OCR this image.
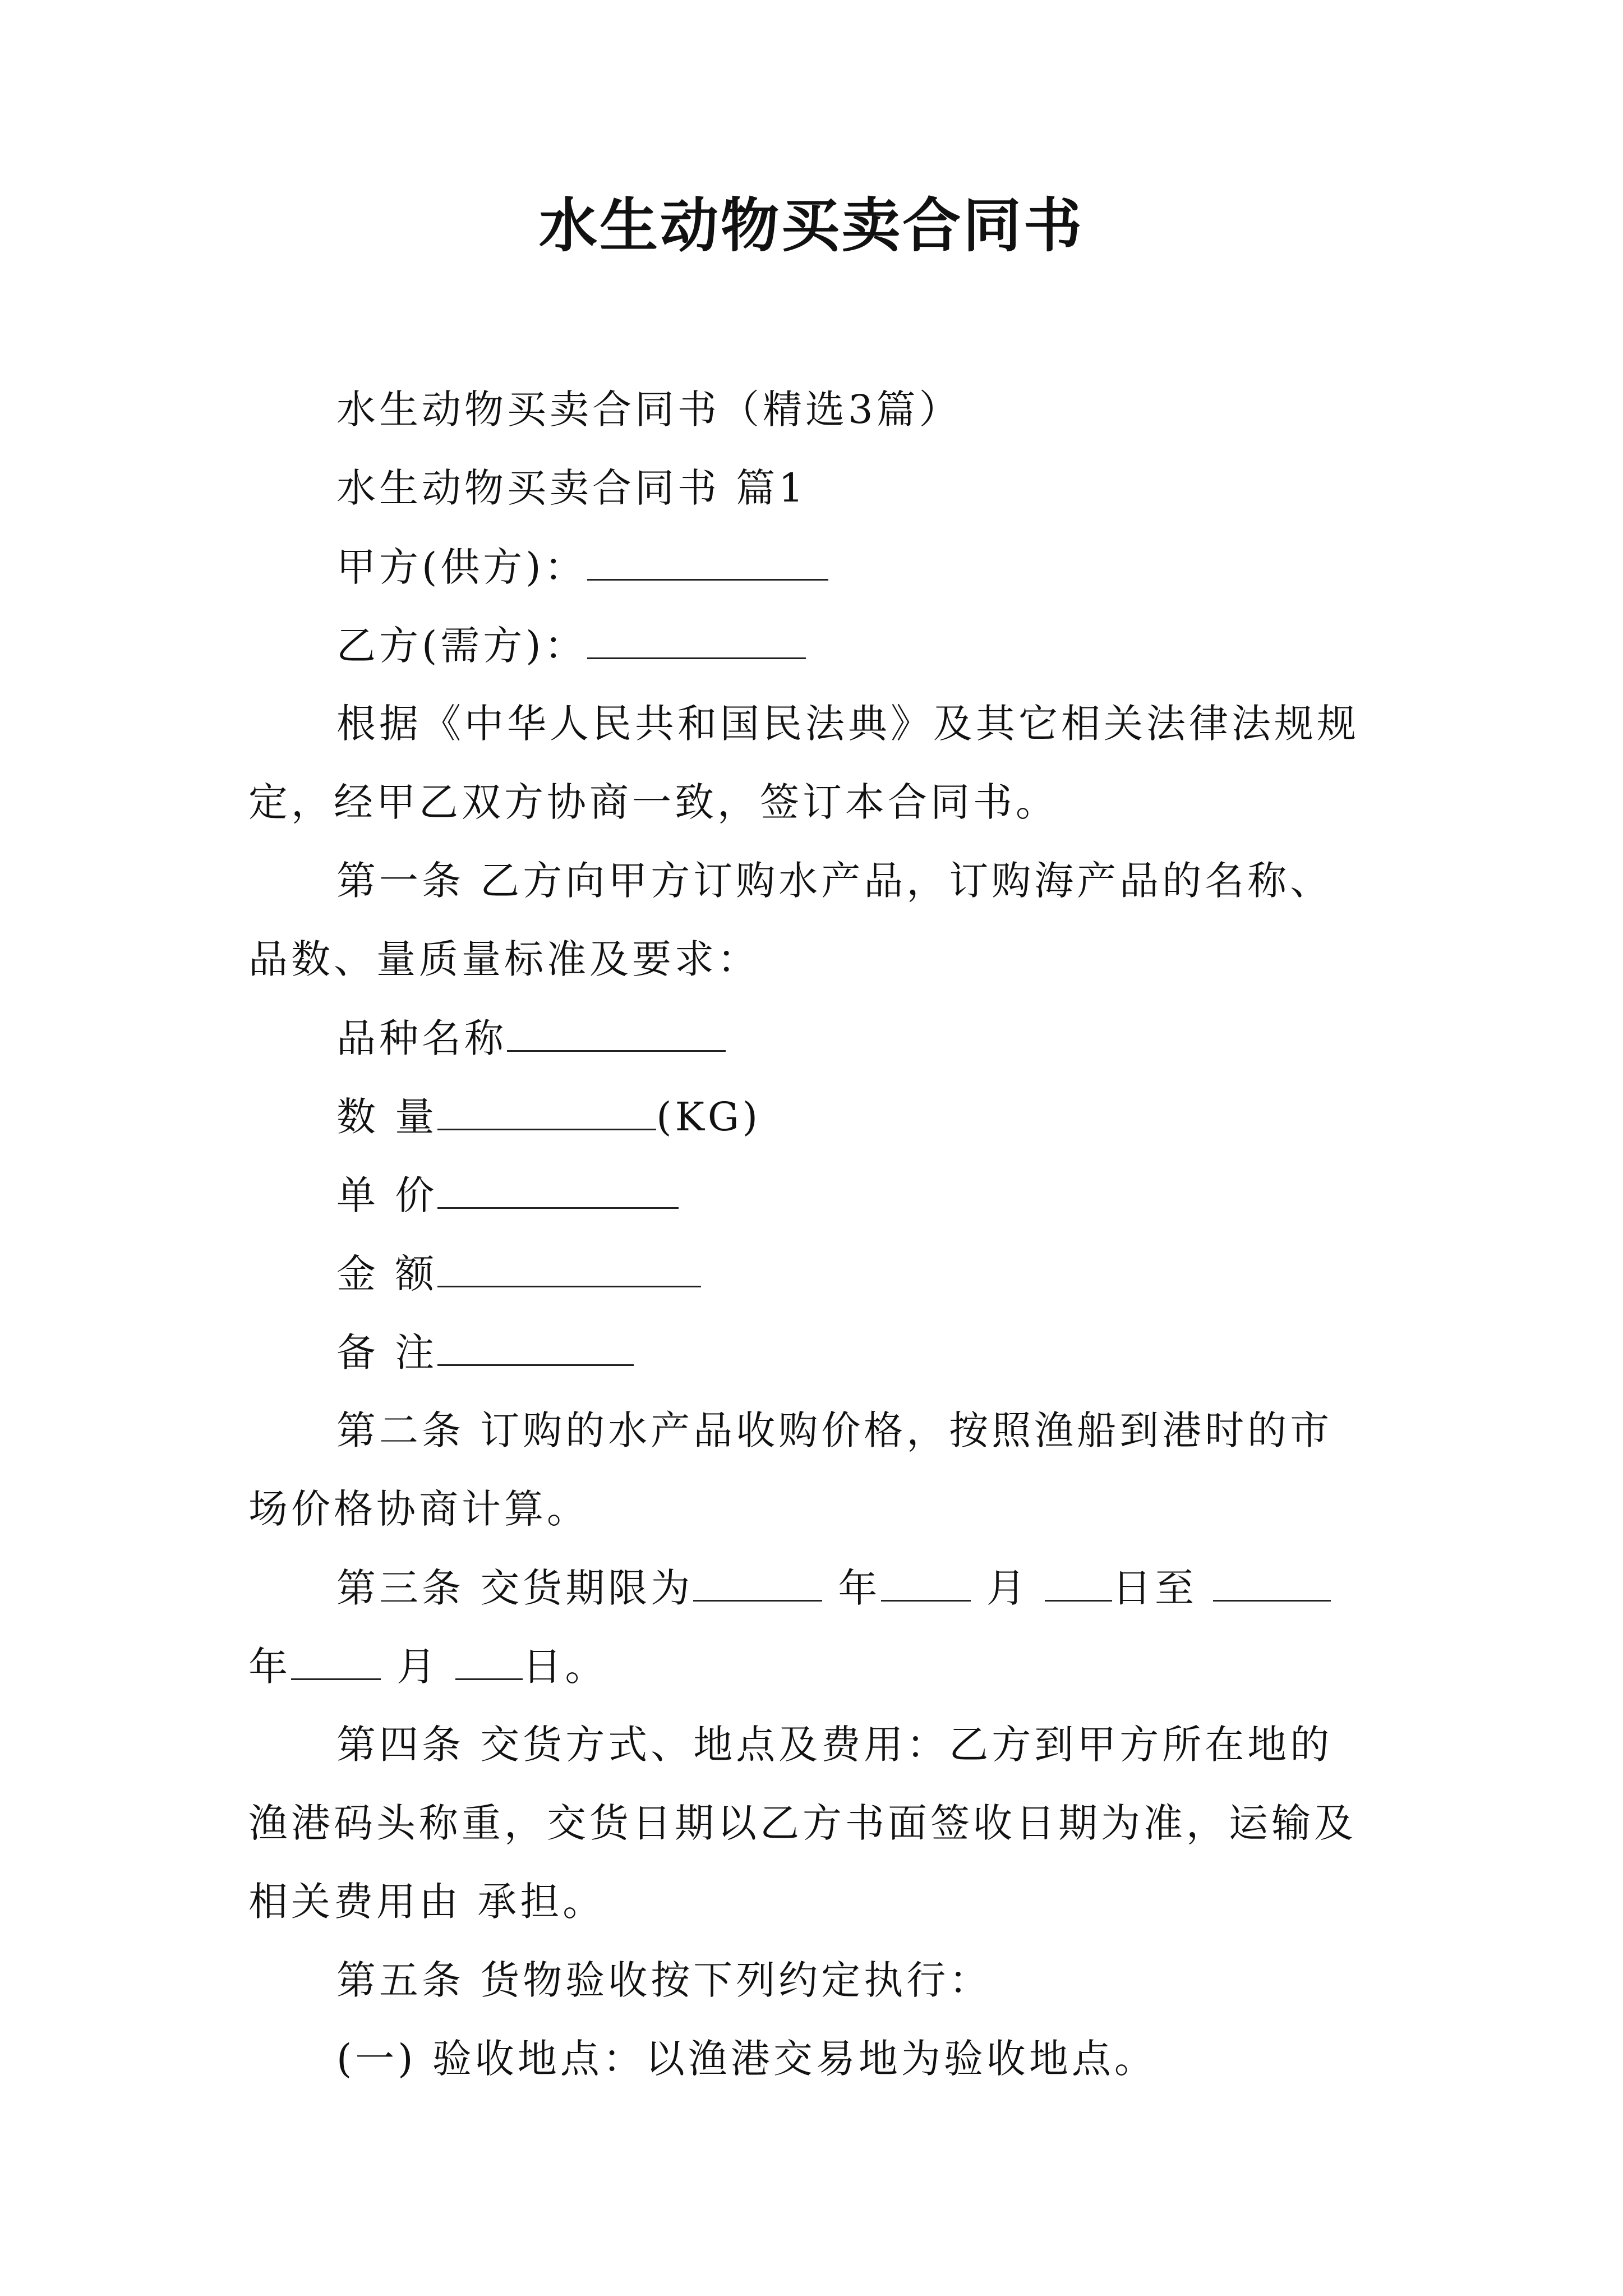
水生动物买卖合同书
水生动物买卖合同书（精选3篇）
水生动物买卖合同书 篇1
甲方(供方)：
乙方(需方)：
根据《中华人民共和国民法典》及其它相关法律法规规
定，经甲乙双方协商一致，签订本合同书。
第一条 乙方向甲方订购水产品，订购海产品的名称、
品数、量质量标准及要求：
品种名称
数 量	(KG)
单 价
金 额
备 注
第二条 订购的水产品收购价格，按照渔船到港时的市
场价格协商计算。
第三条 交货期限为	年	月 日至
年	月 日。
第四条 交货方式、地点及费用：乙方到甲方所在地的
渔港码头称重，交货日期以乙方书面签收日期为准，运输及
相关费用由 承担。
第五条 货物验收按下列约定执行：
(一) 验收地点：以渔港交易地为验收地点。
